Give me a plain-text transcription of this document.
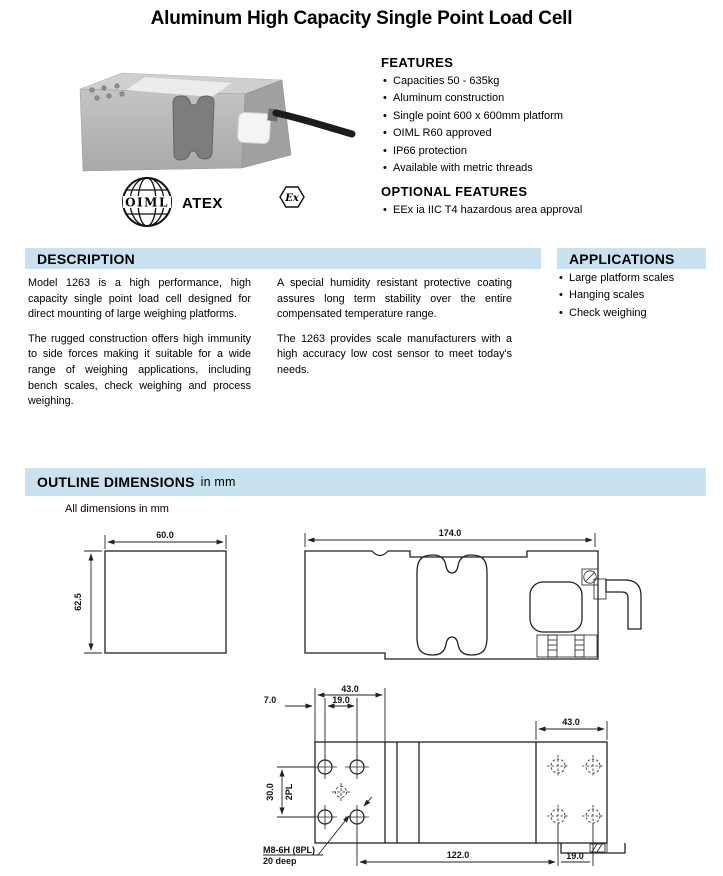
Aluminum High Capacity Single Point Load Cell
OIML ATEX	Ex
FEATURES
• Capacities 50 - 635kg
• Aluminum construction
• Single point 600 x 600mm platform
• OIML R60 approved
• IP66 protection
• Available with metric threads
OPTIONAL FEATURES
• EEx ia IIC T4 hazardous area approval
DESCRIPTION

Model 1263 is a high performance, high capacity single point load cell designed for direct mounting of large weighing platforms.

The rugged construction offers high immunity to side forces making it suitable for a wide range of weighing applications, including bench scales, check weighing and process weighing.

A special humidity resistant protective coating assures long term stability over the entire compensated temperature range.

The 1263 provides scale manufacturers with a high accuracy low cost sensor to meet today's needs.

APPLICATIONS
• Large platform scales
• Hanging scales
• Check weighing
OUTLINE DIMENSIONS in mm
All dimensions in mm
60.0
62.5
174.0
43.0
19.0
7.0
30.0 2PL
43.0
122.0	19.0
M8-6H (8PL)
20 deep
